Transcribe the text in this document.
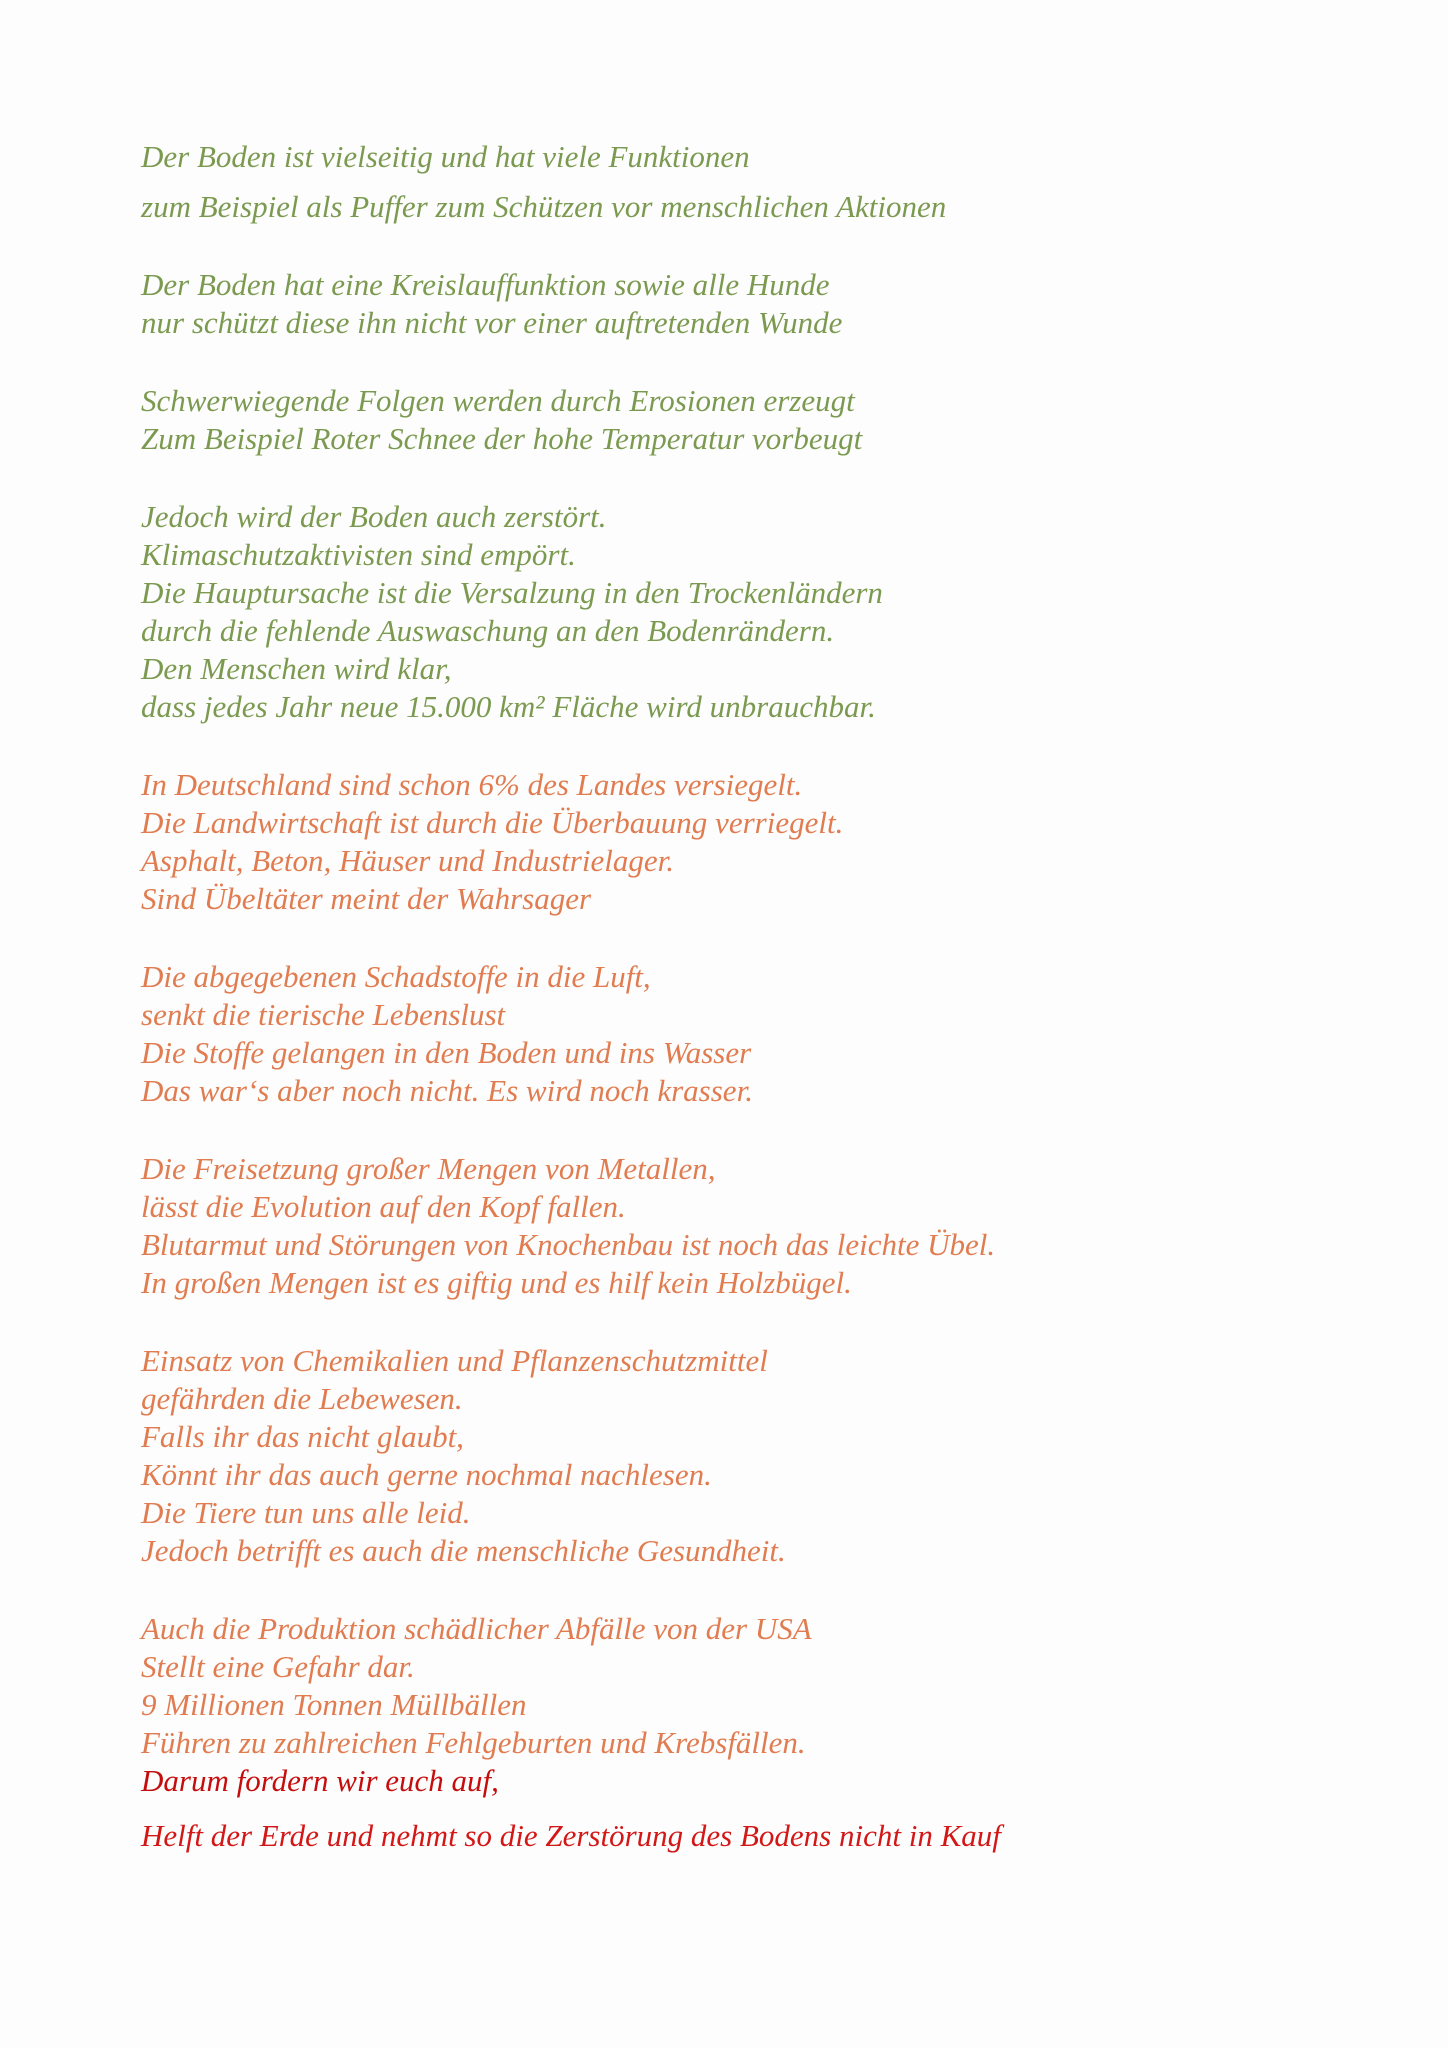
Der Boden ist vielseitig und hat viele Funktionen
zum Beispiel als Puffer zum Schützen vor menschlichen Aktionen
Der Boden hat eine Kreislauffunktion sowie alle Hunde
nur schützt diese ihn nicht vor einer auftretenden Wunde
Schwerwiegende Folgen werden durch Erosionen erzeugt
Zum Beispiel Roter Schnee der hohe Temperatur vorbeugt
Jedoch wird der Boden auch zerstört.
Klimaschutzaktivisten sind empört.
Die Hauptursache ist die Versalzung in den Trockenländern
durch die fehlende Auswaschung an den Bodenrändern.
Den Menschen wird klar,
dass jedes Jahr neue 15.000 km² Fläche wird unbrauchbar.
In Deutschland sind schon 6% des Landes versiegelt.
Die Landwirtschaft ist durch die Überbauung verriegelt.
Asphalt, Beton, Häuser und Industrielager.
Sind Übeltäter meint der Wahrsager
Die abgegebenen Schadstoffe in die Luft,
senkt die tierische Lebenslust
Die Stoffe gelangen in den Boden und ins Wasser
Das war‘s aber noch nicht. Es wird noch krasser.
Die Freisetzung großer Mengen von Metallen,
lässt die Evolution auf den Kopf fallen.
Blutarmut und Störungen von Knochenbau ist noch das leichte Übel.
In großen Mengen ist es giftig und es hilf kein Holzbügel.
Einsatz von Chemikalien und Pflanzenschutzmittel
gefährden die Lebewesen.
Falls ihr das nicht glaubt,
Könnt ihr das auch gerne nochmal nachlesen.
Die Tiere tun uns alle leid.
Jedoch betrifft es auch die menschliche Gesundheit.
Auch die Produktion schädlicher Abfälle von der USA
Stellt eine Gefahr dar.
9 Millionen Tonnen Müllbällen
Führen zu zahlreichen Fehlgeburten und Krebsfällen.
Darum fordern wir euch auf,
Helft der Erde und nehmt so die Zerstörung des Bodens nicht in Kauf
